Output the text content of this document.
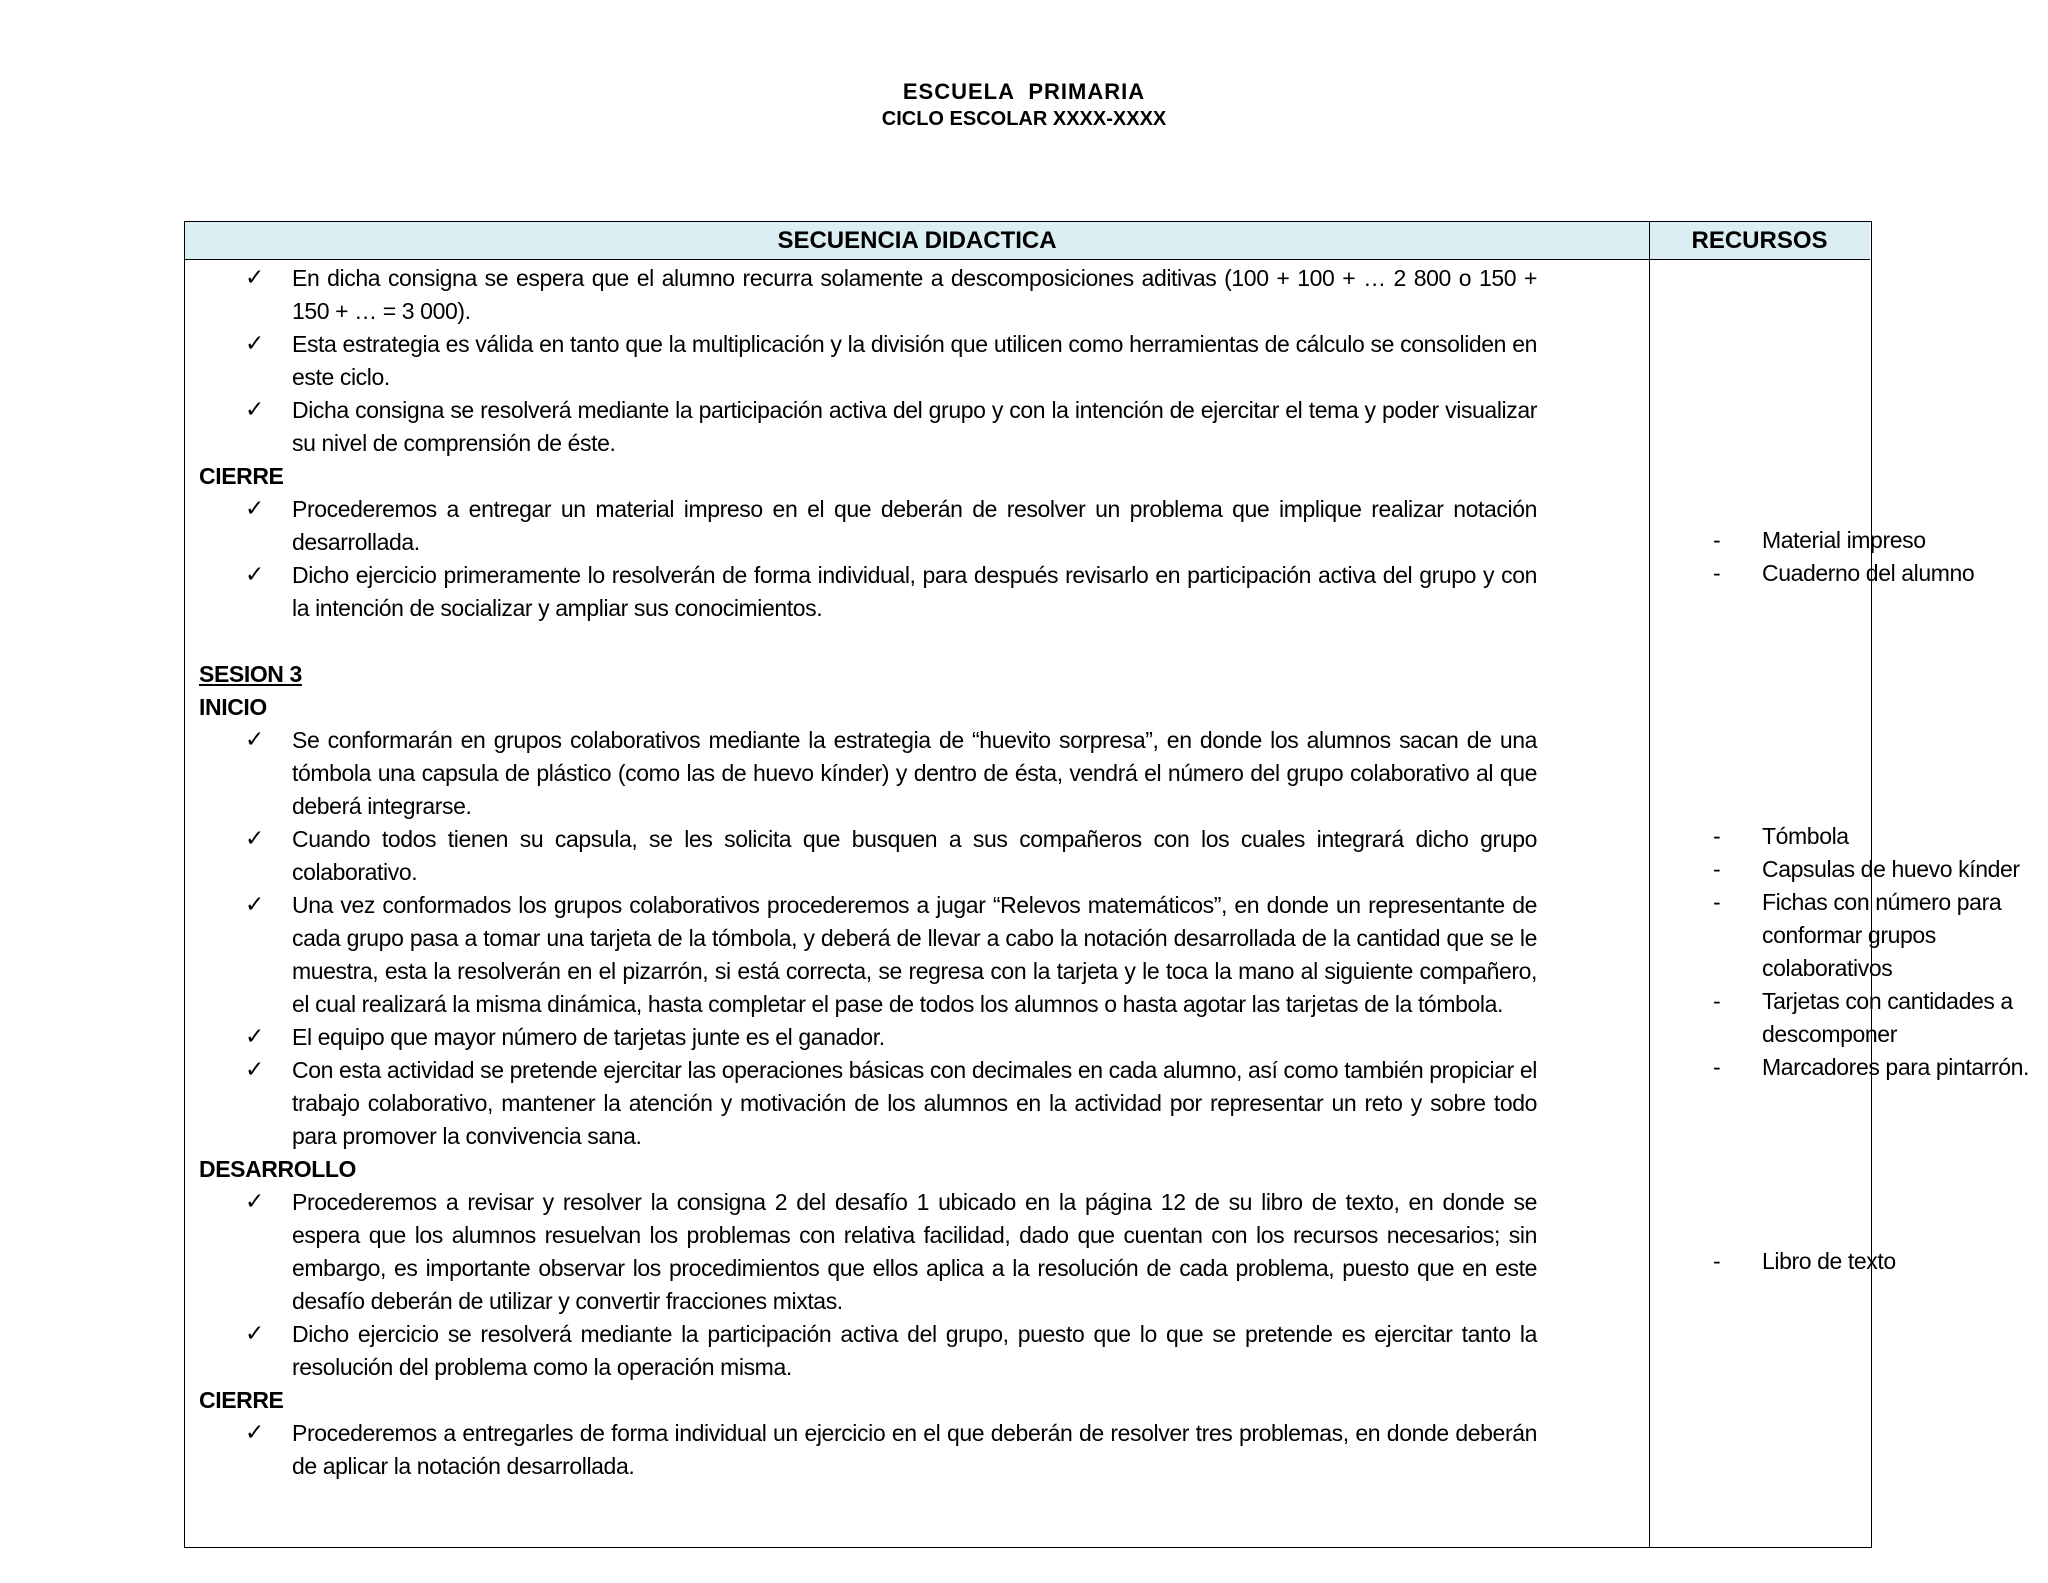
ESCUELA  PRIMARIA
CICLO ESCOLAR XXXX-XXXX
SECUENCIA DIDACTICA	RECURSOS
✓ En dicha consigna se espera que el alumno recurra solamente a descomposiciones aditivas (100 + 100 + … 2 800 o 150 + 150 + … = 3 000).
✓ Esta estrategia es válida en tanto que la multiplicación y la división que utilicen como herramientas de cálculo se consoliden en este ciclo.
✓ Dicha consigna se resolverá mediante la participación activa del grupo y con la intención de ejercitar el tema y poder visualizar su nivel de comprensión de éste.
CIERRE
✓ Procederemos a entregar un material impreso en el que deberán de resolver un problema que implique realizar notación desarrollada.
✓ Dicho ejercicio primeramente lo resolverán de forma individual, para después revisarlo en participación activa del grupo y con la intención de socializar y ampliar sus conocimientos.
SESION 3
INICIO
✓ Se conformarán en grupos colaborativos mediante la estrategia de “huevito sorpresa”, en donde los alumnos sacan de una tómbola una capsula de plástico (como las de huevo kínder) y dentro de ésta, vendrá el número del grupo colaborativo al que deberá integrarse.
✓ Cuando todos tienen su capsula, se les solicita que busquen a sus compañeros con los cuales integrará dicho grupo colaborativo.
✓ Una vez conformados los grupos colaborativos procederemos a jugar “Relevos matemáticos”, en donde un representante de cada grupo pasa a tomar una tarjeta de la tómbola, y deberá de llevar a cabo la notación desarrollada de la cantidad que se le muestra, esta la resolverán en el pizarrón, si está correcta, se regresa con la tarjeta y le toca la mano al siguiente compañero, el cual realizará la misma dinámica, hasta completar el pase de todos los alumnos o hasta agotar las tarjetas de la tómbola.
✓ El equipo que mayor número de tarjetas junte es el ganador.
✓ Con esta actividad se pretende ejercitar las operaciones básicas con decimales en cada alumno, así como también propiciar el trabajo colaborativo, mantener la atención y motivación de los alumnos en la actividad por representar un reto y sobre todo para promover la convivencia sana.
DESARROLLO
✓ Procederemos a revisar y resolver la consigna 2 del desafío 1 ubicado en la página 12 de su libro de texto, en donde se espera que los alumnos resuelvan los problemas con relativa facilidad, dado que cuentan con los recursos necesarios; sin embargo, es importante observar los procedimientos que ellos aplica a la resolución de cada problema, puesto que en este desafío deberán de utilizar y convertir fracciones mixtas.
✓ Dicho ejercicio se resolverá mediante la participación activa del grupo, puesto que lo que se pretende es ejercitar tanto la resolución del problema como la operación misma.
CIERRE
✓ Procederemos a entregarles de forma individual un ejercicio en el que deberán de resolver tres problemas, en donde deberán de aplicar la notación desarrollada.
- Material impreso
- Cuaderno del alumno
- Tómbola
- Capsulas de huevo kínder
- Fichas con número para conformar grupos colaborativos
- Tarjetas con cantidades a descomponer
- Marcadores para pintarrón.
- Libro de texto
